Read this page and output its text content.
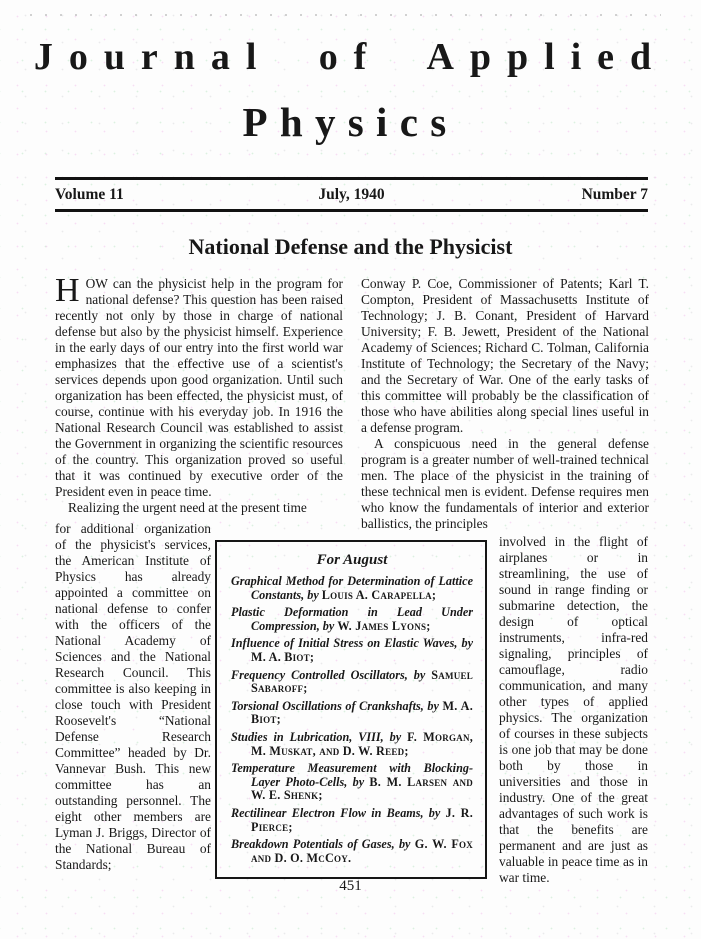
Journal of Applied
Physics
Volume 11	July, 1940	Number 7
National Defense and the Physicist

HOW can the physicist help in the program for national defense? This question has been raised recently not only by those in charge of national defense but also by the physicist himself. Experience in the early days of our entry into the first world war emphasizes that the effective use of a scientist's services depends upon good organization. Until such organization has been effected, the physicist must, of course, continue with his everyday job. In 1916 the National Research Council was established to assist the Government in organizing the scientific resources of the country. This organization proved so useful that it was continued by executive order of the President even in peace time.

Realizing the urgent need at the present time

for additional organization of the physicist's services, the American Institute of Physics has already appointed a committee on national defense to confer with the officers of the National Academy of Sciences and the National Research Council. This committee is also keeping in close touch with President Roosevelt's “National Defense Research Committee” headed by Dr. Vannevar Bush. This new committee has an outstanding personnel. The eight other members are Lyman J. Briggs, Director of the National Bureau of Standards;

Conway P. Coe, Commissioner of Patents; Karl T. Compton, President of Massachusetts Institute of Technology; J. B. Conant, President of Harvard University; F. B. Jewett, President of the National Academy of Sciences; Richard C. Tolman, California Institute of Technology; the Secretary of the Navy; and the Secretary of War. One of the early tasks of this committee will probably be the classification of those who have abilities along special lines useful in a defense program.

A conspicuous need in the general defense program is a greater number of well-trained technical men. The place of the physicist in the training of these technical men is evident. Defense requires men who know the fundamentals of interior and exterior ballistics, the principles

involved in the flight of airplanes or in streamlining, the use of sound in range finding or submarine detection, the design of optical instruments, infra-red signaling, principles of camouflage, radio communication, and many other types of applied physics. The organization of courses in these subjects is one job that may be done both by those in universities and those in industry. One of the great advantages of such work is that the benefits are permanent and are just as valuable in peace time as in war time.

For August
Graphical Method for Determination of Lattice Constants, by Louis A. Carapella;
Plastic Deformation in Lead Under Compression, by W. James Lyons;
Influence of Initial Stress on Elastic Waves, by M. A. Biot;
Frequency Controlled Oscillators, by Samuel Sabaroff;
Torsional Oscillations of Crankshafts, by M. A. Biot;
Studies in Lubrication, VIII, by F. Morgan, M. Muskat, and D. W. Reed;
Temperature Measurement with Blocking-Layer Photo-Cells, by B. M. Larsen and W. E. Shenk;
Rectilinear Electron Flow in Beams, by J. R. Pierce;
Breakdown Potentials of Gases, by G. W. Fox and D. O. McCoy.
451
